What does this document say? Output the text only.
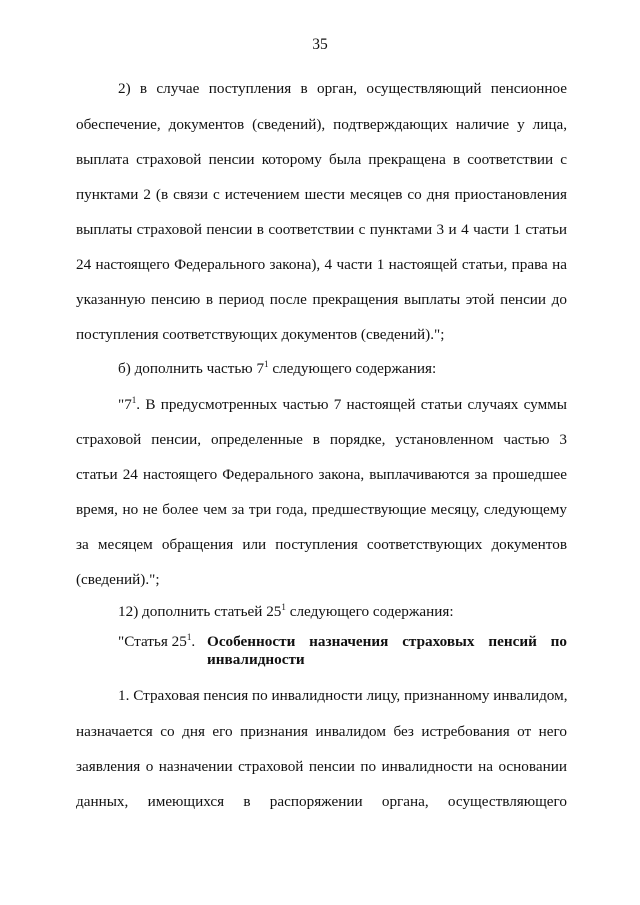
35
2) в случае поступления в орган, осуществляющий пенсионное
обеспечение, документов (сведений), подтверждающих наличие у лица,
выплата страховой пенсии которому была прекращена в соответствии с
пунктами 2 (в связи с истечением шести месяцев со дня приостановления
выплаты страховой пенсии в соответствии с пунктами 3 и 4 части 1 статьи
24 настоящего Федерального закона), 4 части 1 настоящей статьи, права на
указанную пенсию в период после прекращения выплаты этой пенсии до
поступления соответствующих документов (сведений).";
б) дополнить частью $7^1$ следующего содержания:
"$7^1$. В предусмотренных частью 7 настоящей статьи случаях суммы
страховой пенсии, определенные в порядке, установленном частью 3
статьи 24 настоящего Федерального закона, выплачиваются за прошедшее
время, но не более чем за три года, предшествующие месяцу, следующему
за месяцем обращения или поступления соответствующих документов
(сведений).";
12) дополнить статьей $25^1$ следующего содержания:
"Статья $25^1$. Особенности назначения страховых пенсий по
инвалидности
1. Страховая пенсия по инвалидности лицу, признанному инвалидом,
назначается со дня его признания инвалидом без истребования от него
заявления о назначении страховой пенсии по инвалидности на основании
данных, имеющихся в распоряжении органа, осуществляющего
